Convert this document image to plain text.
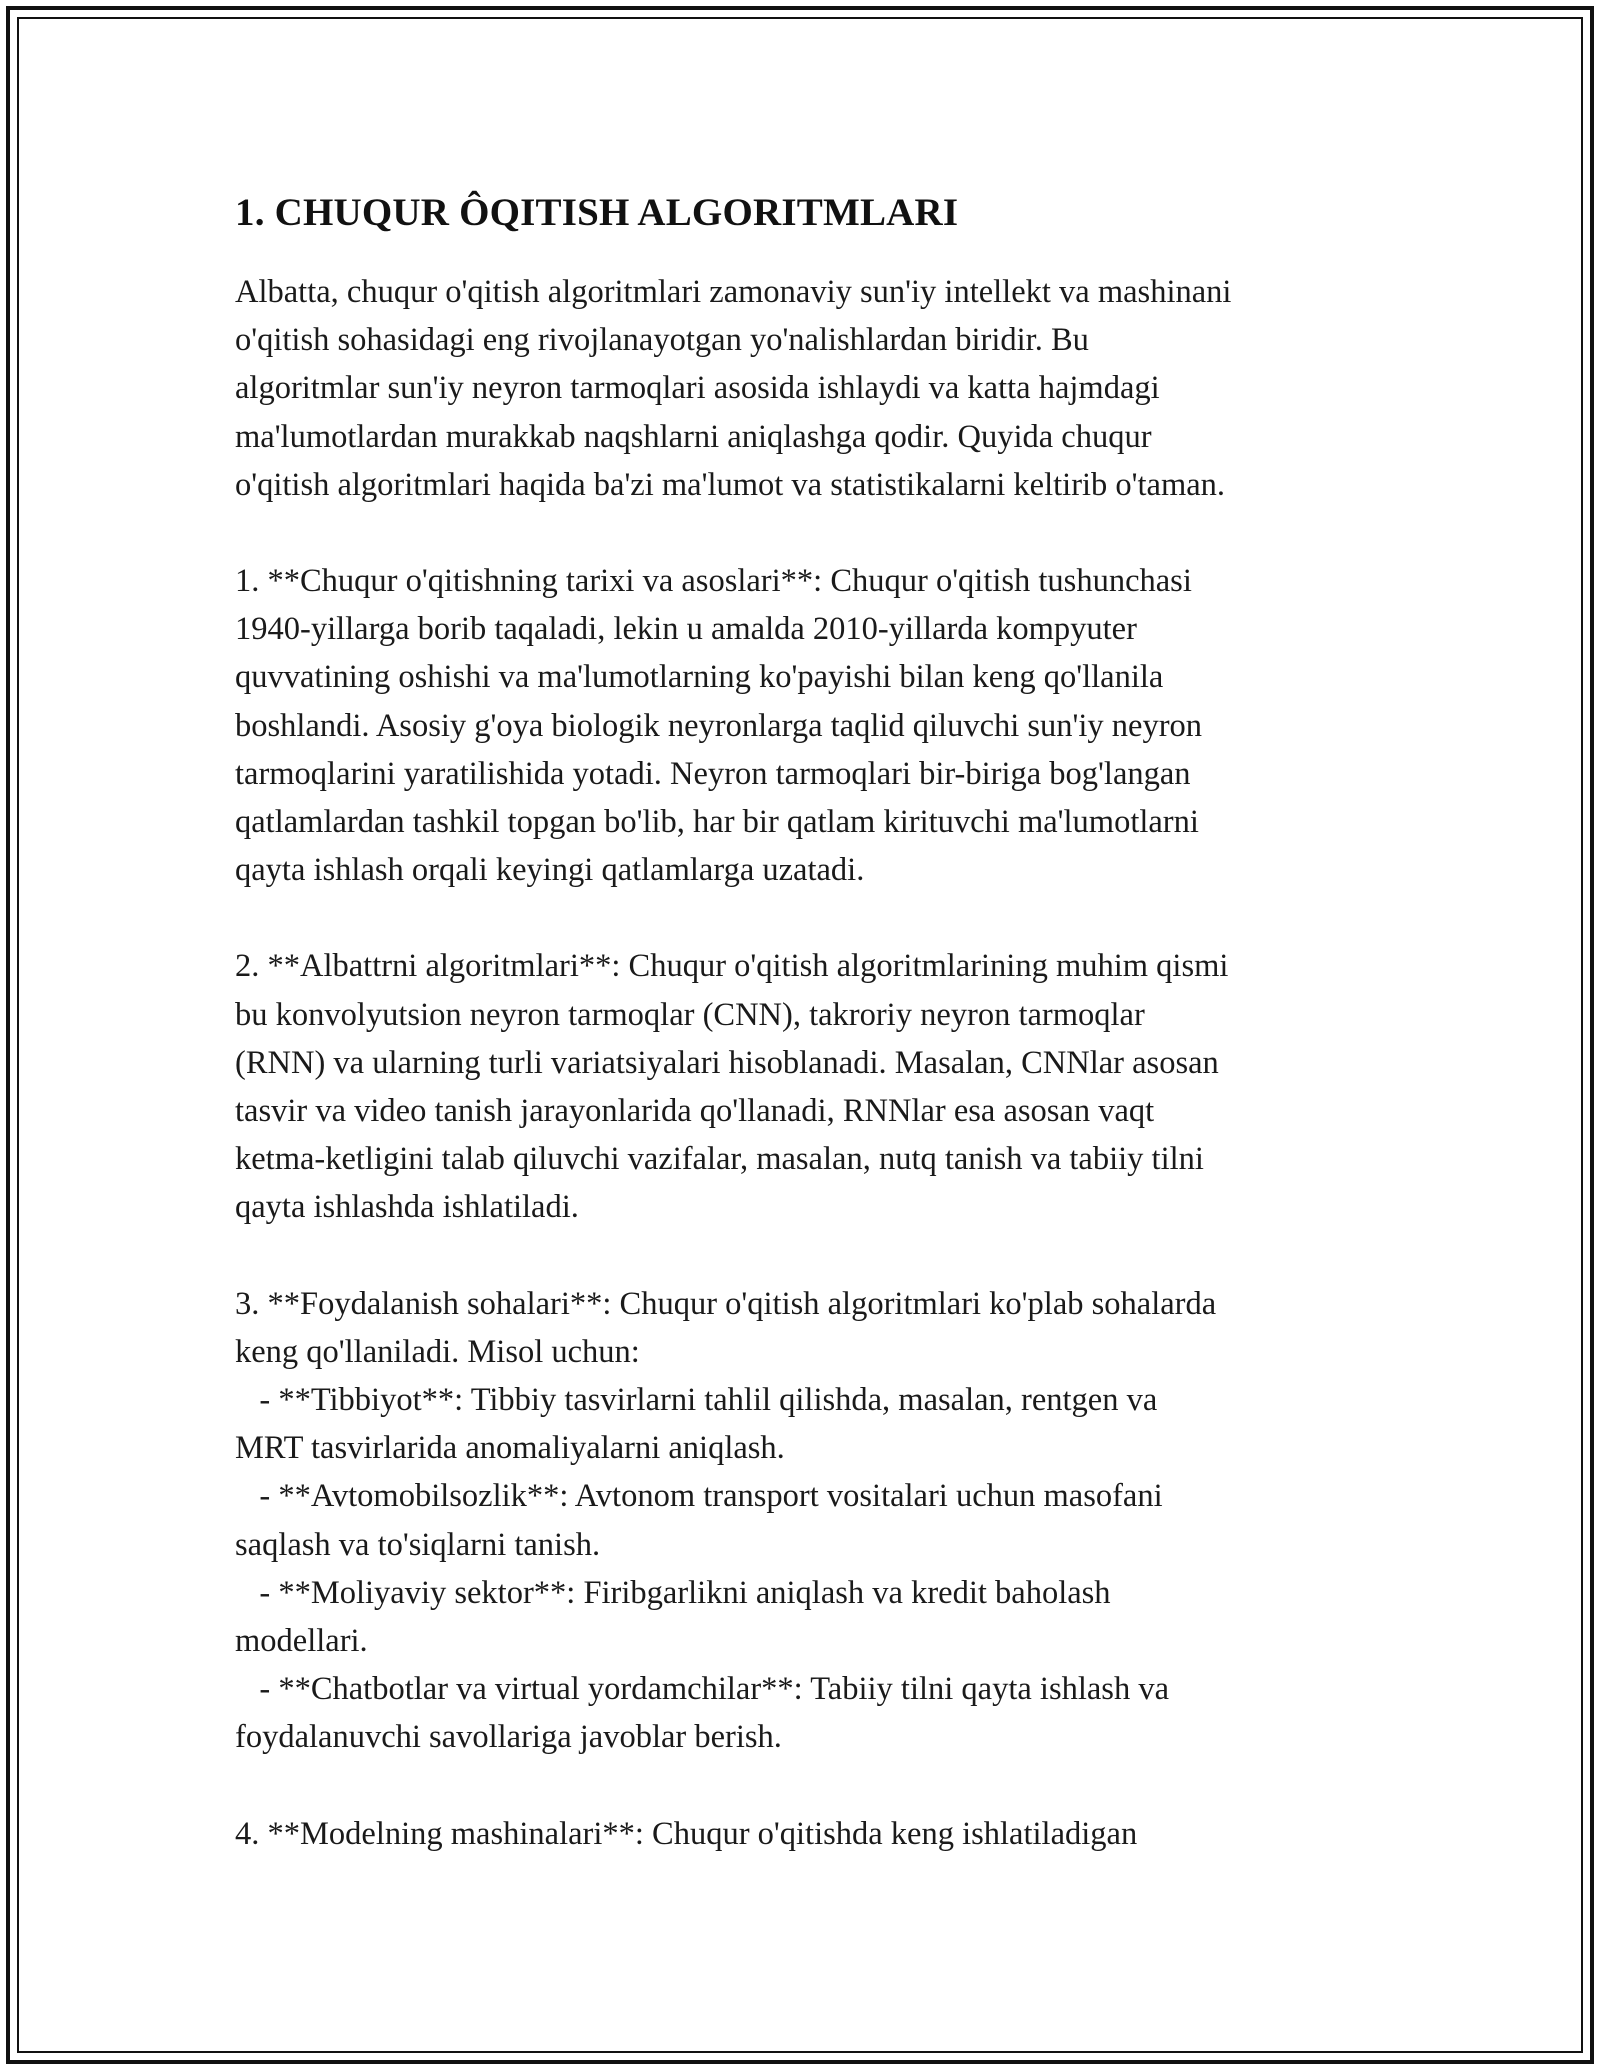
1. CHUQUR ÔQITISH ALGORITMLARI

Albatta, chuqur o'qitish algoritmlari zamonaviy sun'iy intellekt va mashinani
o'qitish sohasidagi eng rivojlanayotgan yo'nalishlardan biridir. Bu
algoritmlar sun'iy neyron tarmoqlari asosida ishlaydi va katta hajmdagi
ma'lumotlardan murakkab naqshlarni aniqlashga qodir. Quyida chuqur
o'qitish algoritmlari haqida ba'zi ma'lumot va statistikalarni keltirib o'taman.

1. **Chuqur o'qitishning tarixi va asoslari**: Chuqur o'qitish tushunchasi
1940-yillarga borib taqaladi, lekin u amalda 2010-yillarda kompyuter
quvvatining oshishi va ma'lumotlarning ko'payishi bilan keng qo'llanila
boshlandi. Asosiy g'oya biologik neyronlarga taqlid qiluvchi sun'iy neyron
tarmoqlarini yaratilishida yotadi. Neyron tarmoqlari bir-biriga bog'langan
qatlamlardan tashkil topgan bo'lib, har bir qatlam kirituvchi ma'lumotlarni
qayta ishlash orqali keyingi qatlamlarga uzatadi.

2. **Albattrni algoritmlari**: Chuqur o'qitish algoritmlarining muhim qismi
bu konvolyutsion neyron tarmoqlar (CNN), takroriy neyron tarmoqlar
(RNN) va ularning turli variatsiyalari hisoblanadi. Masalan, CNNlar asosan
tasvir va video tanish jarayonlarida qo'llanadi, RNNlar esa asosan vaqt
ketma-ketligini talab qiluvchi vazifalar, masalan, nutq tanish va tabiiy tilni
qayta ishlashda ishlatiladi.

3. **Foydalanish sohalari**: Chuqur o'qitish algoritmlari ko'plab sohalarda
keng qo'llaniladi. Misol uchun:
- **Tibbiyot**: Tibbiy tasvirlarni tahlil qilishda, masalan, rentgen va
MRT tasvirlarida anomaliyalarni aniqlash.
- **Avtomobilsozlik**: Avtonom transport vositalari uchun masofani
saqlash va to'siqlarni tanish.
- **Moliyaviy sektor**: Firibgarlikni aniqlash va kredit baholash
modellari.
- **Chatbotlar va virtual yordamchilar**: Tabiiy tilni qayta ishlash va
foydalanuvchi savollariga javoblar berish.

4. **Modelning mashinalari**: Chuqur o'qitishda keng ishlatiladigan
